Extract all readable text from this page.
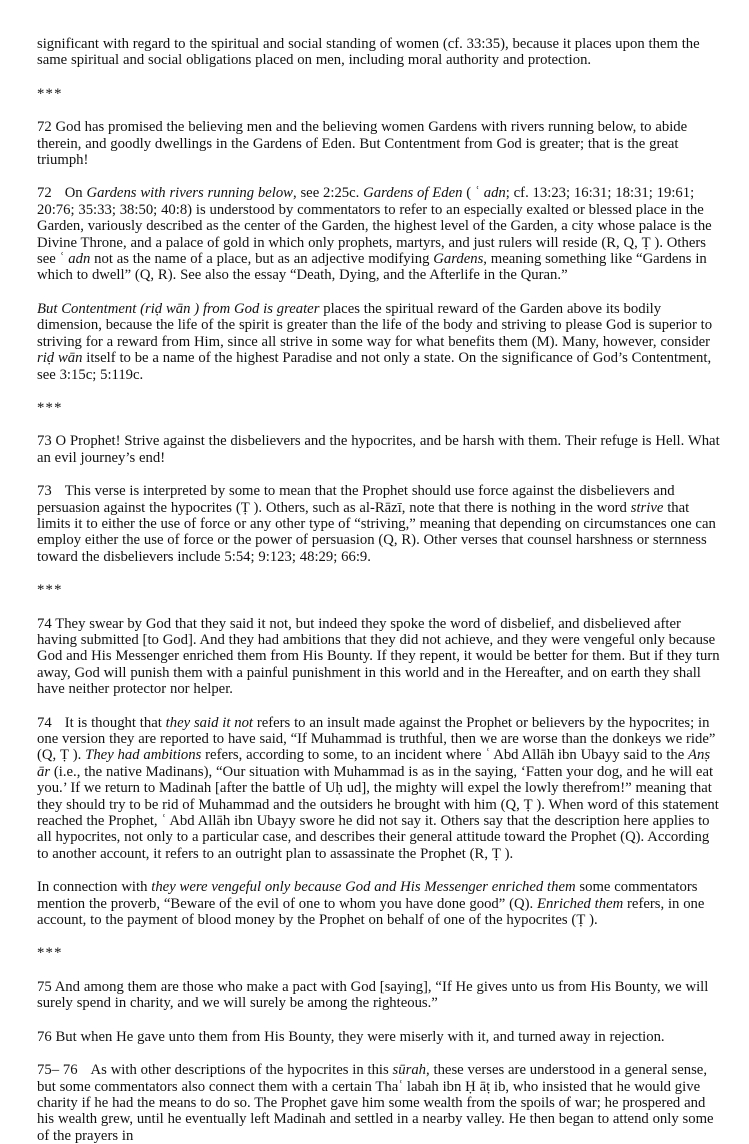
significant with regard to the spiritual and social standing of women (cf. 33:35), because it places upon them the same spiritual and social obligations placed on men, including moral authority and protection.

***

72 God has promised the believing men and the believing women Gardens with rivers running below, to abide therein, and goodly dwellings in the Gardens of Eden. But Contentment from God is greater; that is the great triumph!

72 On Gardens with rivers running below, see 2:25c. Gardens of Eden ( ʿ adn; cf. 13:23; 16:31; 18:31; 19:61; 20:76; 35:33; 38:50; 40:8) is understood by commentators to refer to an especially exalted or blessed place in the Garden, variously described as the center of the Garden, the highest level of the Garden, a city whose palace is the Divine Throne, and a palace of gold in which only prophets, martyrs, and just rulers will reside (R, Q, Ṭ ). Others see ʿ adn not as the name of a place, but as an adjective modifying Gardens, meaning something like “Gardens in which to dwell” (Q, R). See also the essay “Death, Dying, and the Afterlife in the Quran.”

But Contentment (riḍ wān ) from God is greater places the spiritual reward of the Garden above its bodily dimension, because the life of the spirit is greater than the life of the body and striving to please God is superior to striving for a reward from Him, since all strive in some way for what benefits them (M). Many, however, consider riḍ wān itself to be a name of the highest Paradise and not only a state. On the significance of God’s Contentment, see 3:15c; 5:119c.

***

73 O Prophet! Strive against the disbelievers and the hypocrites, and be harsh with them. Their refuge is Hell. What an evil journey’s end!

73 This verse is interpreted by some to mean that the Prophet should use force against the disbelievers and persuasion against the hypocrites (Ṭ ). Others, such as al-Rāzī, note that there is nothing in the word strive that limits it to either the use of force or any other type of “striving,” meaning that depending on circumstances one can employ either the use of force or the power of persuasion (Q, R). Other verses that counsel harshness or sternness toward the disbelievers include 5:54; 9:123; 48:29; 66:9.

***

74 They swear by God that they said it not, but indeed they spoke the word of disbelief, and disbelieved after having submitted [to God]. And they had ambitions that they did not achieve, and they were vengeful only because God and His Messenger enriched them from His Bounty. If they repent, it would be better for them. But if they turn away, God will punish them with a painful punishment in this world and in the Hereafter, and on earth they shall have neither protector nor helper.

74 It is thought that they said it not refers to an insult made against the Prophet or believers by the hypocrites; in one version they are reported to have said, “If Muhammad is truthful, then we are worse than the donkeys we ride” (Q, Ṭ ). They had ambitions refers, according to some, to an incident where ʿ Abd Allāh ibn Ubayy said to the Anṣ ār (i.e., the native Madinans), “Our situation with Muhammad is as in the saying, ‘Fatten your dog, and he will eat you.’ If we return to Madinah [after the battle of Uḥ ud], the mighty will expel the lowly therefrom!” meaning that they should try to be rid of Muhammad and the outsiders he brought with him (Q, Ṭ ). When word of this statement reached the Prophet, ʿ Abd Allāh ibn Ubayy swore he did not say it. Others say that the description here applies to all hypocrites, not only to a particular case, and describes their general attitude toward the Prophet (Q). According to another account, it refers to an outright plan to assassinate the Prophet (R, Ṭ ).

In connection with they were vengeful only because God and His Messenger enriched them some commentators mention the proverb, “Beware of the evil of one to whom you have done good” (Q). Enriched them refers, in one account, to the payment of blood money by the Prophet on behalf of one of the hypocrites (Ṭ ).

***

75 And among them are those who make a pact with God [saying], “If He gives unto us from His Bounty, we will surely spend in charity, and we will surely be among the righteous.”

76 But when He gave unto them from His Bounty, they were miserly with it, and turned away in rejection.

75– 76 As with other descriptions of the hypocrites in this sūrah, these verses are understood in a general sense, but some commentators also connect them with a certain Thaʿ labah ibn Ḥ āṭ ib, who insisted that he would give charity if he had the means to do so. The Prophet gave him some wealth from the spoils of war; he prospered and his wealth grew, until he eventually left Madinah and settled in a nearby valley. He then began to attend only some of the prayers in
